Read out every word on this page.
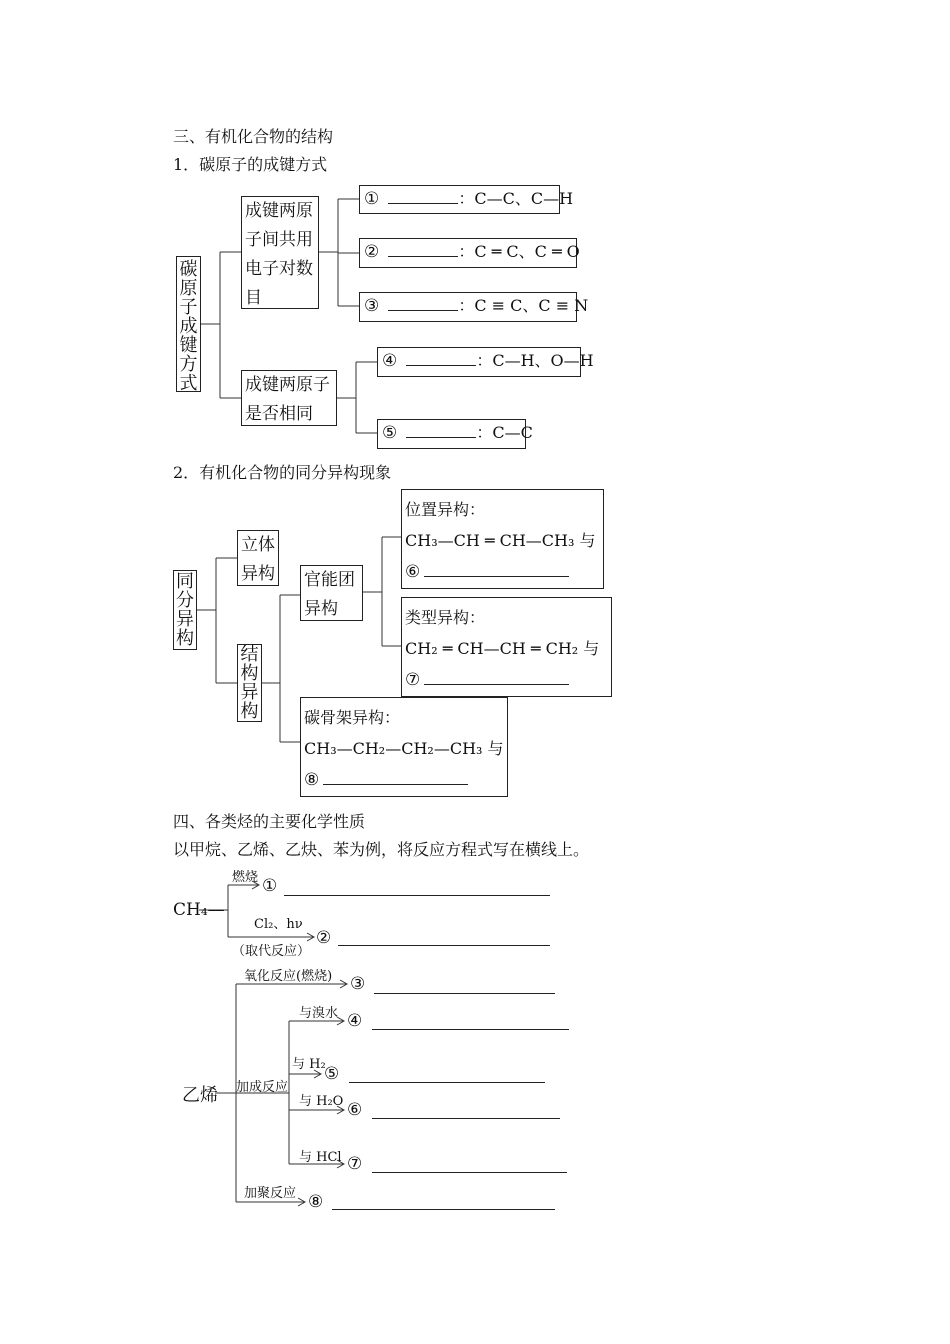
三、有机化合物的结构
1．碳原子的成键方式
碳原子成键方式
成键两原子间共用电子对数目
成键两原子是否相同
①	：C—C、C—H
②	：C ═ C、C ═ O
③	：C ≡ C、C ≡ N
④	：C—H、O—H
⑤	：C—C
2．有机化合物的同分异构现象
同分异构
立体异构
结构异构
官能团异构
位置异构：
CH₃—CH ═ CH—CH₃ 与
⑥
类型异构：
CH₂ ═ CH—CH ═ CH₂ 与
⑦
碳骨架异构：
CH₃—CH₂—CH₂—CH₃ 与
⑧
四、各类烃的主要化学性质
以甲烷、乙烯、乙炔、苯为例，将反应方程式写在横线上。
CH₄—
燃烧 ①
Cl₂、hν
（取代反应）
②
乙烯
氧化反应(燃烧) ③
与溴水 ④
与 H₂
⑤
加成反应
与 H₂O ⑥
与 HCl ⑦
加聚反应 ⑧
